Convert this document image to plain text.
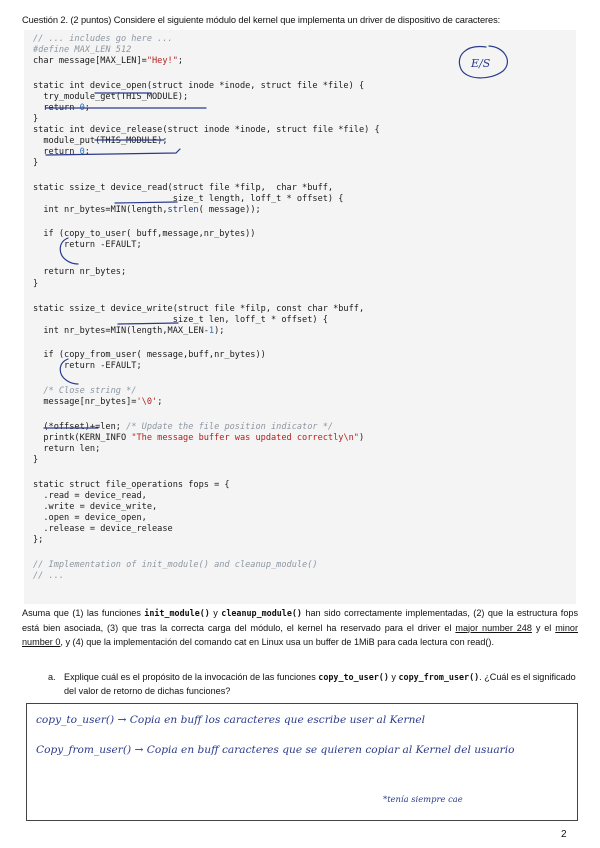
Cuestión 2. (2 puntos) Considere el siguiente módulo del kernel que implementa un driver de dispositivo de caracteres:
// ... includes go here ...
#define MAX_LEN 512
char message[MAX_LEN]="Hey!";
static int device_open(struct inode *inode, struct file *file) {
try_module_get(THIS_MODULE);
return 0;
}
static int device_release(struct inode *inode, struct file *file) {
module_put(THIS_MODULE);
return 0;
}
static ssize_t device_read(struct file *filp,  char *buff,
size_t length, loff_t * offset) {
int nr_bytes=MIN(length,strlen( message));
if (copy_to_user( buff,message,nr_bytes))
return -EFAULT;
return nr_bytes;
}
static ssize_t device_write(struct file *filp, const char *buff,
size_t len, loff_t * offset) {
int nr_bytes=MIN(length,MAX_LEN-1);
if (copy_from_user( message,buff,nr_bytes))
return -EFAULT;
/* Close string */
message[nr_bytes]='\0';
(*offset)+=len; /* Update the file position indicator */
printk(KERN_INFO "The message buffer was updated correctly\n")
return len;
}
static struct file_operations fops = {
.read = device_read,
.write = device_write,
.open = device_open,
.release = device_release
};
// Implementation of init_module() and cleanup_module()
// ...
Asuma que (1) las funciones init_module() y cleanup_module() han sido correctamente implementadas, (2) que la estructura fops está bien asociada, (3) que tras la correcta carga del módulo, el kernel ha reservado para el driver el major number 248 y el minor number 0, y (4) que la implementación del comando cat en Linux usa un buffer de 1MiB para cada lectura con read().
a. Explique cuál es el propósito de la invocación de las funciones copy_to_user() y copy_from_user(). ¿Cuál es el significado del valor de retorno de dichas funciones?
copy_to_user() → Copia en buff los caracteres que escribe user al Kernel
Copy_from_user() → Copia en buff caracteres que se quieren copiar al Kernel del usuario
*tenía siempre cae
2
E/S
